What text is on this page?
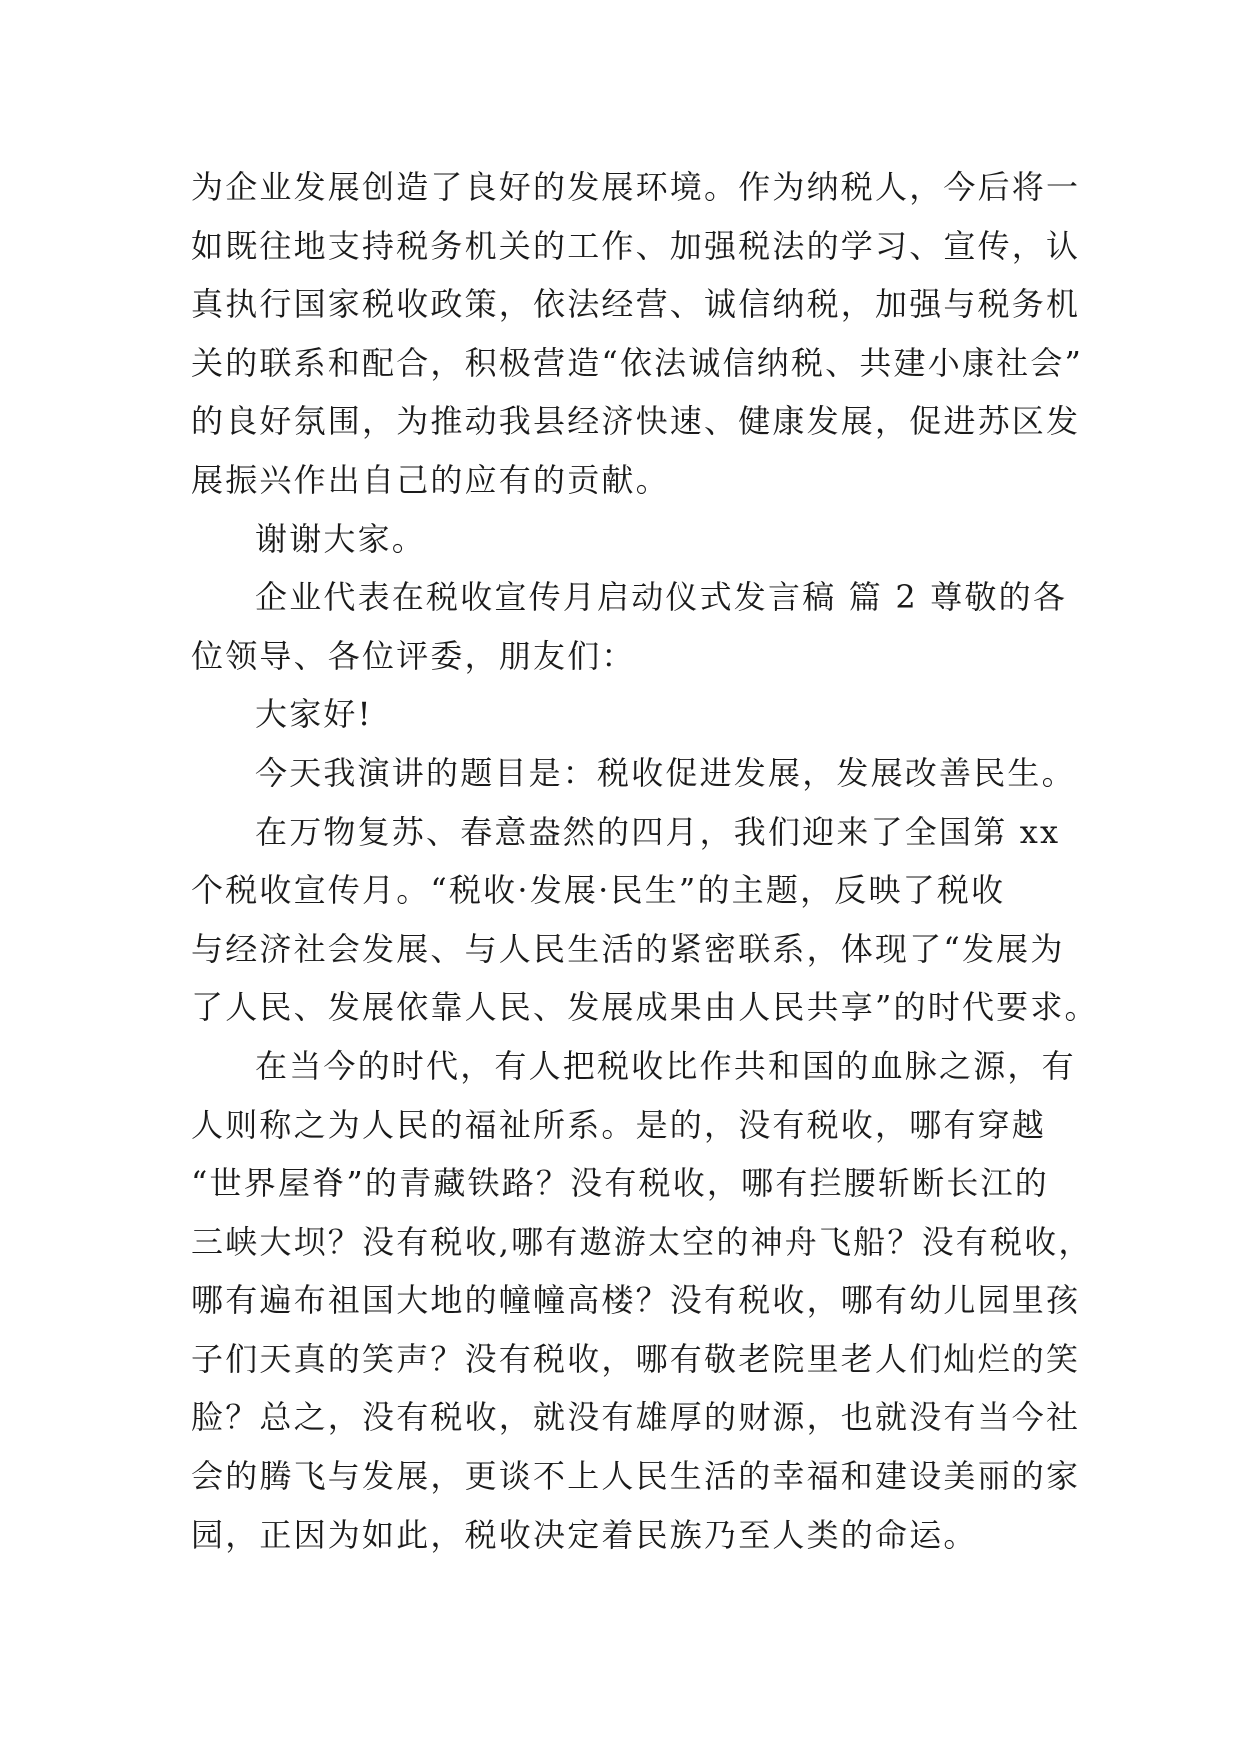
为企业发展创造了良好的发展环境。作为纳税人，今后将一
如既往地支持税务机关的工作、加强税法的学习、宣传，认
真执行国家税收政策，依法经营、诚信纳税，加强与税务机
关的联系和配合，积极营造“依法诚信纳税、共建小康社会”
的良好氛围，为推动我县经济快速、健康发展，促进苏区发
展振兴作出自己的应有的贡献。
谢谢大家。
企业代表在税收宣传月启动仪式发言稿 篇 2 尊敬的各
位领导、各位评委，朋友们：
大家好!
今天我演讲的题目是：税收促进发展，发展改善民生。
在万物复苏、春意盎然的四月，我们迎来了全国第 xx
个税收宣传月。“税收·发展·民生”的主题，反映了税收
与经济社会发展、与人民生活的紧密联系，体现了“发展为
了人民、发展依靠人民、发展成果由人民共享”的时代要求。
在当今的时代，有人把税收比作共和国的血脉之源，有
人则称之为人民的福祉所系。是的，没有税收，哪有穿越
“世界屋脊”的青藏铁路？没有税收，哪有拦腰斩断长江的
三峡大坝？没有税收,哪有遨游太空的神舟飞船？没有税收，
哪有遍布祖国大地的幢幢高楼？没有税收，哪有幼儿园里孩
子们天真的笑声？没有税收，哪有敬老院里老人们灿烂的笑
脸？总之，没有税收，就没有雄厚的财源，也就没有当今社
会的腾飞与发展，更谈不上人民生活的幸福和建设美丽的家
园，正因为如此，税收决定着民族乃至人类的命运。
